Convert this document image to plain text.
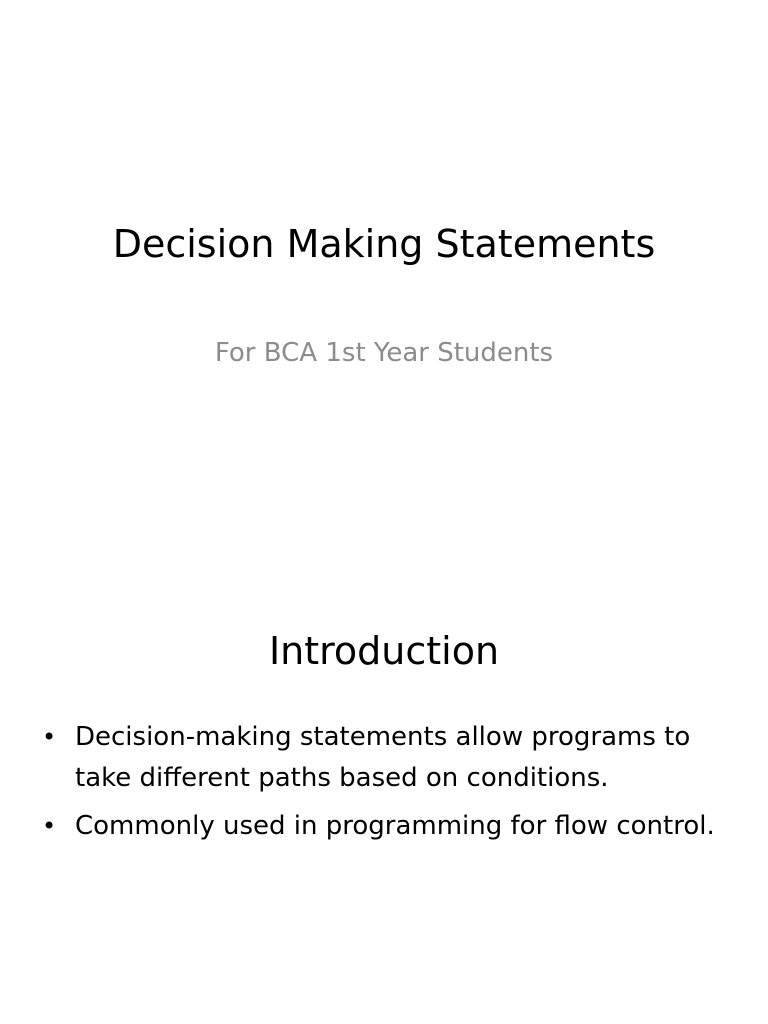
Decision Making Statements
For BCA 1st Year Students
Introduction
• Decision-making statements allow programs to take different paths based on conditions.
• Commonly used in programming for flow control.
